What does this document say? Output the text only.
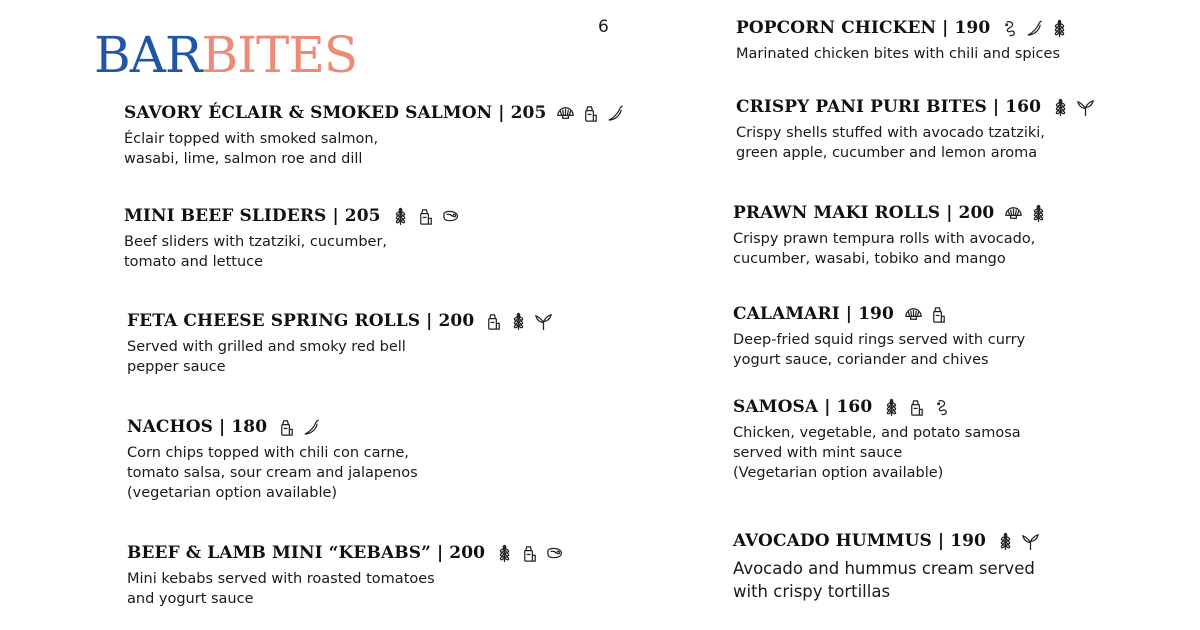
BARBITES	6
SAVORY ÉCLAIR & SMOKED SALMON | 205
Éclair topped with smoked salmon,
wasabi, lime, salmon roe and dill
MINI BEEF SLIDERS | 205
Beef sliders with tzatziki, cucumber,
tomato and lettuce
FETA CHEESE SPRING ROLLS | 200
Served with grilled and smoky red bell
pepper sauce
NACHOS | 180
Corn chips topped with chili con carne,
tomato salsa, sour cream and jalapenos
(vegetarian option available)
BEEF & LAMB MINI “KEBABS” | 200
Mini kebabs served with roasted tomatoes
and yogurt sauce
POPCORN CHICKEN | 190
Marinated chicken bites with chili and spices
CRISPY PANI PURI BITES | 160
Crispy shells stuffed with avocado tzatziki,
green apple, cucumber and lemon aroma
PRAWN MAKI ROLLS | 200
Crispy prawn tempura rolls with avocado,
cucumber, wasabi, tobiko and mango
CALAMARI | 190
Deep-fried squid rings served with curry
yogurt sauce, coriander and chives
SAMOSA | 160
Chicken, vegetable, and potato samosa
served with mint sauce
(Vegetarian option available)
AVOCADO HUMMUS | 190
Avocado and hummus cream served
with crispy tortillas
